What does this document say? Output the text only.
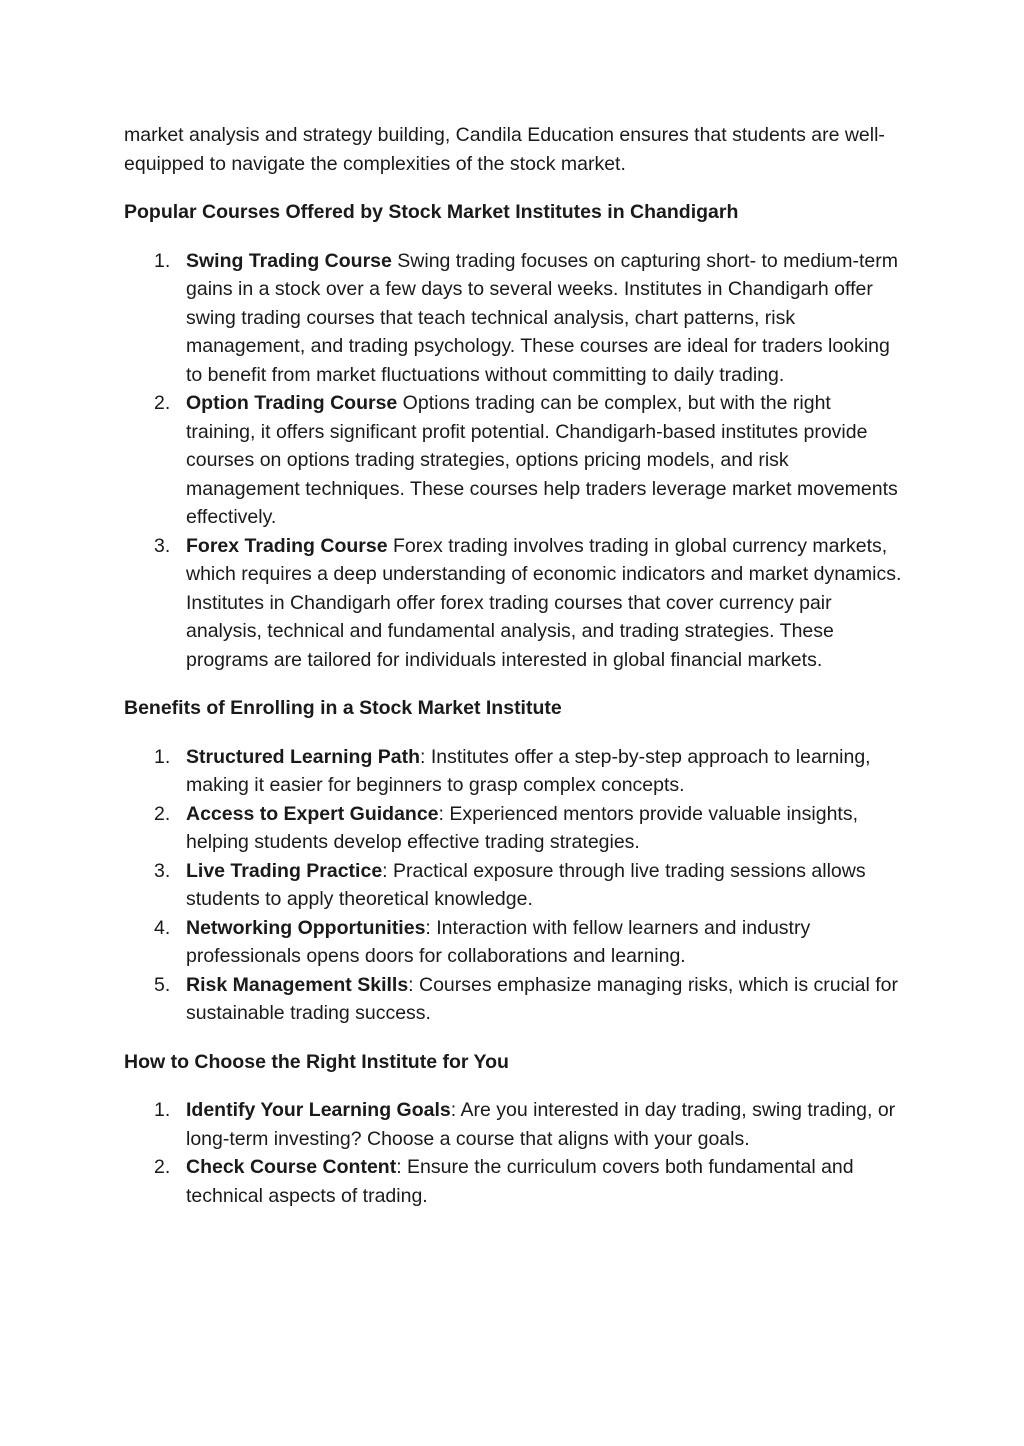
market analysis and strategy building, Candila Education ensures that students are well-equipped to navigate the complexities of the stock market.

Popular Courses Offered by Stock Market Institutes in Chandigarh
1. Swing Trading Course Swing trading focuses on capturing short- to medium-term gains in a stock over a few days to several weeks. Institutes in Chandigarh offer swing trading courses that teach technical analysis, chart patterns, risk management, and trading psychology. These courses are ideal for traders looking to benefit from market fluctuations without committing to daily trading.
2. Option Trading Course Options trading can be complex, but with the right training, it offers significant profit potential. Chandigarh-based institutes provide courses on options trading strategies, options pricing models, and risk management techniques. These courses help traders leverage market movements effectively.
3. Forex Trading Course Forex trading involves trading in global currency markets, which requires a deep understanding of economic indicators and market dynamics. Institutes in Chandigarh offer forex trading courses that cover currency pair analysis, technical and fundamental analysis, and trading strategies. These programs are tailored for individuals interested in global financial markets.
Benefits of Enrolling in a Stock Market Institute
1. Structured Learning Path: Institutes offer a step-by-step approach to learning, making it easier for beginners to grasp complex concepts.
2. Access to Expert Guidance: Experienced mentors provide valuable insights, helping students develop effective trading strategies.
3. Live Trading Practice: Practical exposure through live trading sessions allows students to apply theoretical knowledge.
4. Networking Opportunities: Interaction with fellow learners and industry professionals opens doors for collaborations and learning.
5. Risk Management Skills: Courses emphasize managing risks, which is crucial for sustainable trading success.
How to Choose the Right Institute for You
1. Identify Your Learning Goals: Are you interested in day trading, swing trading, or long-term investing? Choose a course that aligns with your goals.
2. Check Course Content: Ensure the curriculum covers both fundamental and technical aspects of trading.
